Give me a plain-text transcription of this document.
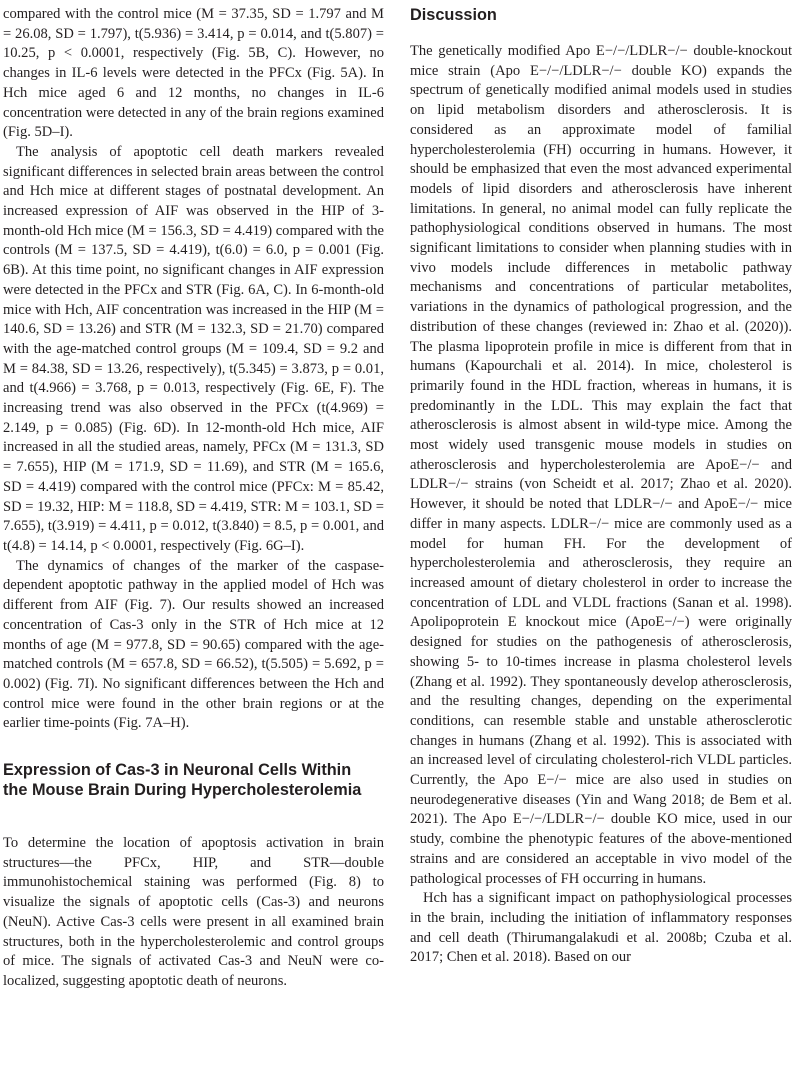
compared with the control mice (M = 37.35, SD = 1.797 and M = 26.08, SD = 1.797), t(5.936) = 3.414, p = 0.014, and t(5.807) = 10.25, p < 0.0001, respectively (Fig. 5B, C). However, no changes in IL-6 levels were detected in the PFCx (Fig. 5A). In Hch mice aged 6 and 12 months, no changes in IL-6 concentration were detected in any of the brain regions examined (Fig. 5D–I).

The analysis of apoptotic cell death markers revealed significant differences in selected brain areas between the control and Hch mice at different stages of postnatal development. An increased expression of AIF was observed in the HIP of 3-month-old Hch mice (M = 156.3, SD = 4.419) compared with the controls (M = 137.5, SD = 4.419), t(6.0) = 6.0, p = 0.001 (Fig. 6B). At this time point, no significant changes in AIF expression were detected in the PFCx and STR (Fig. 6A, C). In 6-month-old mice with Hch, AIF concentration was increased in the HIP (M = 140.6, SD = 13.26) and STR (M = 132.3, SD = 21.70) compared with the age-matched control groups (M = 109.4, SD = 9.2 and M = 84.38, SD = 13.26, respectively), t(5.345) = 3.873, p = 0.01, and t(4.966) = 3.768, p = 0.013, respectively (Fig. 6E, F). The increasing trend was also observed in the PFCx (t(4.969) = 2.149, p = 0.085) (Fig. 6D). In 12-month-old Hch mice, AIF increased in all the studied areas, namely, PFCx (M = 131.3, SD = 7.655), HIP (M = 171.9, SD = 11.69), and STR (M = 165.6, SD = 4.419) compared with the control mice (PFCx: M = 85.42, SD = 19.32, HIP: M = 118.8, SD = 4.419, STR: M = 103.1, SD = 7.655), t(3.919) = 4.411, p = 0.012, t(3.840) = 8.5, p = 0.001, and t(4.8) = 14.14, p < 0.0001, respectively (Fig. 6G–I).

The dynamics of changes of the marker of the caspase-dependent apoptotic pathway in the applied model of Hch was different from AIF (Fig. 7). Our results showed an increased concentration of Cas-3 only in the STR of Hch mice at 12 months of age (M = 977.8, SD = 90.65) compared with the age-matched controls (M = 657.8, SD = 66.52), t(5.505) = 5.692, p = 0.002) (Fig. 7I). No significant differences between the Hch and control mice were found in the other brain regions or at the earlier time-points (Fig. 7A–H).

Expression of Cas-3 in Neuronal Cells Within
the Mouse Brain During Hypercholesterolemia

To determine the location of apoptosis activation in brain structures—the PFCx, HIP, and STR—double immunohistochemical staining was performed (Fig. 8) to visualize the signals of apoptotic cells (Cas-3) and neurons (NeuN). Active Cas-3 cells were present in all examined brain structures, both in the hypercholesterolemic and control groups of mice. The signals of activated Cas-3 and NeuN were co-localized, suggesting apoptotic death of neurons.

Discussion

The genetically modified Apo E−/−/LDLR−/− double-knockout mice strain (Apo E−/−/LDLR−/− double KO) expands the spectrum of genetically modified animal models used in studies on lipid metabolism disorders and atherosclerosis. It is considered as an approximate model of familial hypercholesterolemia (FH) occurring in humans. However, it should be emphasized that even the most advanced experimental models of lipid disorders and atherosclerosis have inherent limitations. In general, no animal model can fully replicate the pathophysiological conditions observed in humans. The most significant limitations to consider when planning studies with in vivo models include differences in metabolic pathway mechanisms and concentrations of particular metabolites, variations in the dynamics of pathological progression, and the distribution of these changes (reviewed in: Zhao et al. (2020)). The plasma lipoprotein profile in mice is different from that in humans (Kapourchali et al. 2014). In mice, cholesterol is primarily found in the HDL fraction, whereas in humans, it is predominantly in the LDL. This may explain the fact that atherosclerosis is almost absent in wild-type mice. Among the most widely used transgenic mouse models in studies on atherosclerosis and hypercholesterolemia are ApoE−/− and LDLR−/− strains (von Scheidt et al. 2017; Zhao et al. 2020). However, it should be noted that LDLR−/− and ApoE−/− mice differ in many aspects. LDLR−/− mice are commonly used as a model for human FH. For the development of hypercholesterolemia and atherosclerosis, they require an increased amount of dietary cholesterol in order to increase the concentration of LDL and VLDL fractions (Sanan et al. 1998). Apolipoprotein E knockout mice (ApoE−/−) were originally designed for studies on the pathogenesis of atherosclerosis, showing 5- to 10-times increase in plasma cholesterol levels (Zhang et al. 1992). They spontaneously develop atherosclerosis, and the resulting changes, depending on the experimental conditions, can resemble stable and unstable atherosclerotic changes in humans (Zhang et al. 1992). This is associated with an increased level of circulating cholesterol-rich VLDL particles. Currently, the Apo E−/− mice are also used in studies on neurodegenerative diseases (Yin and Wang 2018; de Bem et al. 2021). The Apo E−/−/LDLR−/− double KO mice, used in our study, combine the phenotypic features of the above-mentioned strains and are considered an acceptable in vivo model of the pathological processes of FH occurring in humans.

Hch has a significant impact on pathophysiological processes in the brain, including the initiation of inflammatory responses and cell death (Thirumangalakudi et al. 2008b; Czuba et al. 2017; Chen et al. 2018). Based on our
